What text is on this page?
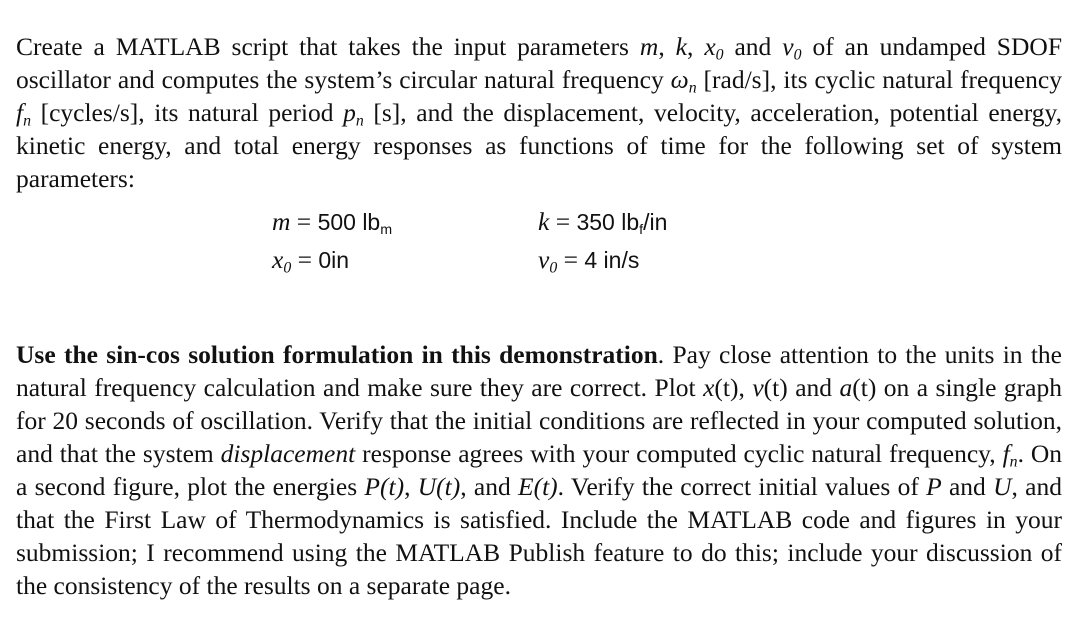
Create a MATLAB script that takes the input parameters m, k, $x_0$ and $v_0$ of an undamped SDOF oscillator and computes the system’s circular natural frequency $\omega_n$ [rad/s], its cyclic natural frequency $f_n$ [cycles/s], its natural period $p_n$ [s], and the displacement, velocity, acceleration, potential energy, kinetic energy, and total energy responses as functions of time for the following set of system parameters:

m = 500 $lb_m$
$x_0 = 0in$
k = 350 $lb_f/in$
$v_0 = 4$ in/s

Use the sin-cos solution formulation in this demonstration. Pay close attention to the units in the natural frequency calculation and make sure they are correct. Plot x(t), v(t) and a(t) on a single graph for 20 seconds of oscillation. Verify that the initial conditions are reflected in your computed solution, and that the system displacement response agrees with your computed cyclic natural frequency, $f_n$. On a second figure, plot the energies P(t), U(t), and E(t). Verify the correct initial values of P and U, and that the First Law of Thermodynamics is satisfied. Include the MATLAB code and figures in your submission; I recommend using the MATLAB Publish feature to do this; include your discussion of the consistency of the results on a separate page.
